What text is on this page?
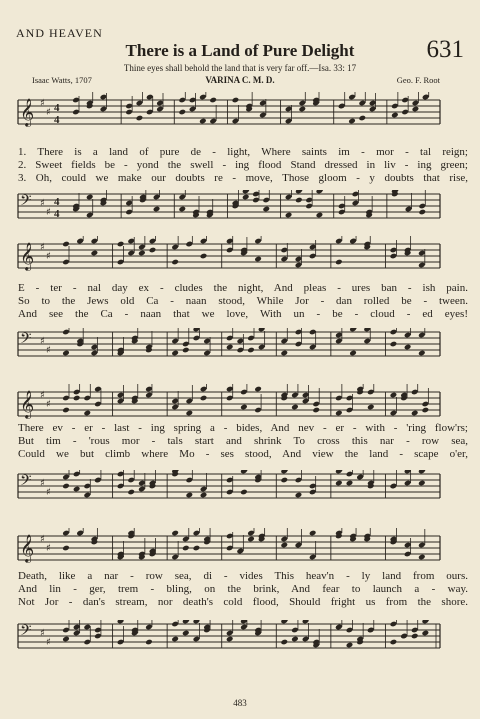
AND HEAVEN
631
There is a Land of Pure Delight
Thine eyes shall behold the land that is very far off.—Isa. 33: 17
Isaac Watts, 1707	VARINA C. M. D.	Geo. F. Root
𝄞 ♯
♯ 4
4
1. There is a land of pure de - light, Where saints im - mor - tal reign;
2. Sweet fields be - yond the swell - ing flood Stand dressed in liv - ing green;
3. Oh, could we make our doubts re - move, Those gloom - y doubts that rise,
𝄢 ♯
♯
4
4
𝄞 ♯
♯
E - ter - nal day ex - cludes the night, And pleas - ures ban - ish pain.
So to the Jews old Ca - naan stood, While Jor - dan rolled be - tween.
And see the Ca - naan that we love, With un - be - cloud - ed eyes!
𝄢 ♯
♯
𝄞 ♯
♯
There ev - er - last - ing spring a - bides, And nev - er - with - 'ring flow'rs;
But tim - 'rous mor - tals start and shrink To cross this nar - row sea,
Could we but climb where Mo - ses stood, And view the land - scape o'er,
𝄢 ♯
♯
𝄞 ♯
♯
Death, like a nar - row sea, di - vides This heav'n - ly land from ours.
And lin - ger, trem - bling, on the brink, And fear to launch a - way.
Not Jor - dan's stream, nor death's cold flood, Should fright us from the shore.
𝄢 ♯
♯
483
